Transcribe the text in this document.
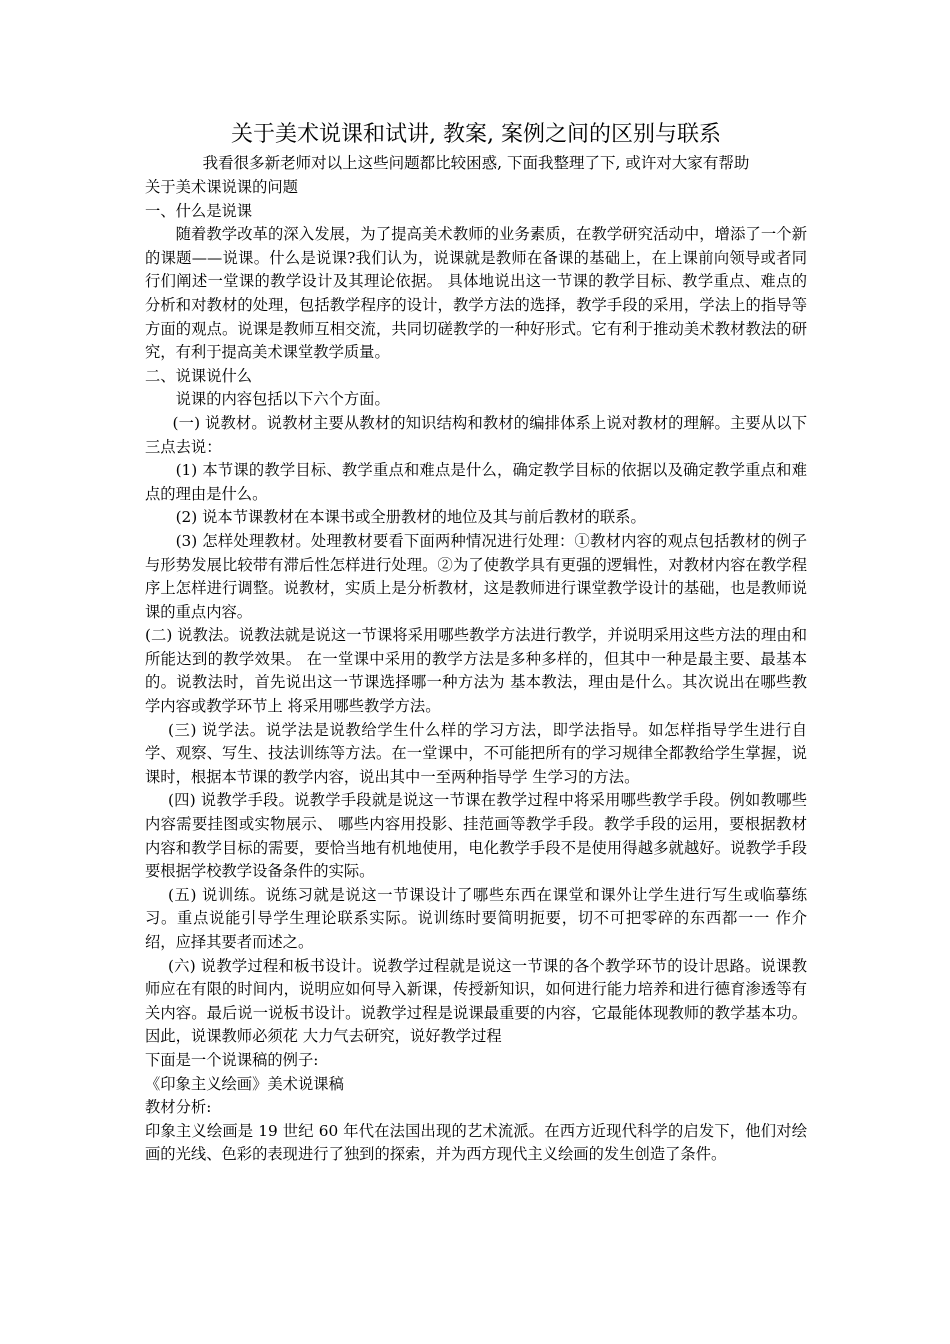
关于美术说课和试讲, 教案, 案例之间的区别与联系
我看很多新老师对以上这些问题都比较困惑, 下面我整理了下, 或许对大家有帮助

关于美术课说课的问题

一、什么是说课

随着教学改革的深入发展，为了提高美术教师的业务素质，在教学研究活动中，增添了一个新的课题——说课。什么是说课?我们认为，说课就是教师在备课的基础上，在上课前向领导或者同行们阐述一堂课的教学设计及其理论依据。 具体地说出这一节课的教学目标、教学重点、难点的分析和对教材的处理，包括教学程序的设计，教学方法的选择，教学手段的采用，学法上的指导等方面的观点。说课是教师互相交流，共同切磋教学的一种好形式。它有利于推动美术教材教法的研究，有利于提高美术课堂教学质量。

二、说课说什么

说课的内容包括以下六个方面。

(一) 说教材。说教材主要从教材的知识结构和教材的编排体系上说对教材的理解。主要从以下三点去说：

(1) 本节课的教学目标、教学重点和难点是什么，确定教学目标的依据以及确定教学重点和难点的理由是什么。

(2) 说本节课教材在本课书或全册教材的地位及其与前后教材的联系。

(3) 怎样处理教材。处理教材要看下面两种情况进行处理：①教材内容的观点包括教材的例子与形势发展比较带有滞后性怎样进行处理。②为了使教学具有更强的逻辑性，对教材内容在教学程序上怎样进行调整。说教材，实质上是分析教材，这是教师进行课堂教学设计的基础，也是教师说课的重点内容。

(二) 说教法。说教法就是说这一节课将采用哪些教学方法进行教学，并说明采用这些方法的理由和所能达到的教学效果。 在一堂课中采用的教学方法是多种多样的，但其中一种是最主要、最基本的。说教法时，首先说出这一节课选择哪一种方法为 基本教法，理由是什么。其次说出在哪些教学内容或教学环节上 将采用哪些教学方法。

(三) 说学法。说学法是说教给学生什么样的学习方法，即学法指导。如怎样指导学生进行自学、观察、写生、技法训练等方法。在一堂课中，不可能把所有的学习规律全都教给学生掌握，说课时，根据本节课的教学内容，说出其中一至两种指导学 生学习的方法。

(四) 说教学手段。说教学手段就是说这一节课在教学过程中将采用哪些教学手段。例如教哪些内容需要挂图或实物展示、 哪些内容用投影、挂范画等教学手段。教学手段的运用，要根据教材内容和教学目标的需要，要恰当地有机地使用，电化教学手段不是使用得越多就越好。说教学手段要根据学校教学设备条件的实际。

(五) 说训练。说练习就是说这一节课设计了哪些东西在课堂和课外让学生进行写生或临摹练习。重点说能引导学生理论联系实际。说训练时要简明扼要，切不可把零碎的东西都一一 作介绍，应择其要者而述之。

(六) 说教学过程和板书设计。说教学过程就是说这一节课的各个教学环节的设计思路。说课教师应在有限的时间内，说明应如何导入新课，传授新知识，如何进行能力培养和进行德育渗透等有关内容。最后说一说板书设计。说教学过程是说课最重要的内容，它最能体现教师的教学基本功。因此，说课教师必须花 大力气去研究，说好教学过程

下面是一个说课稿的例子:

《印象主义绘画》美术说课稿

教材分析:

印象主义绘画是 19 世纪 60 年代在法国出现的艺术流派。在西方近现代科学的启发下，他们对绘画的光线、色彩的表现进行了独到的探索，并为西方现代主义绘画的发生创造了条件。
